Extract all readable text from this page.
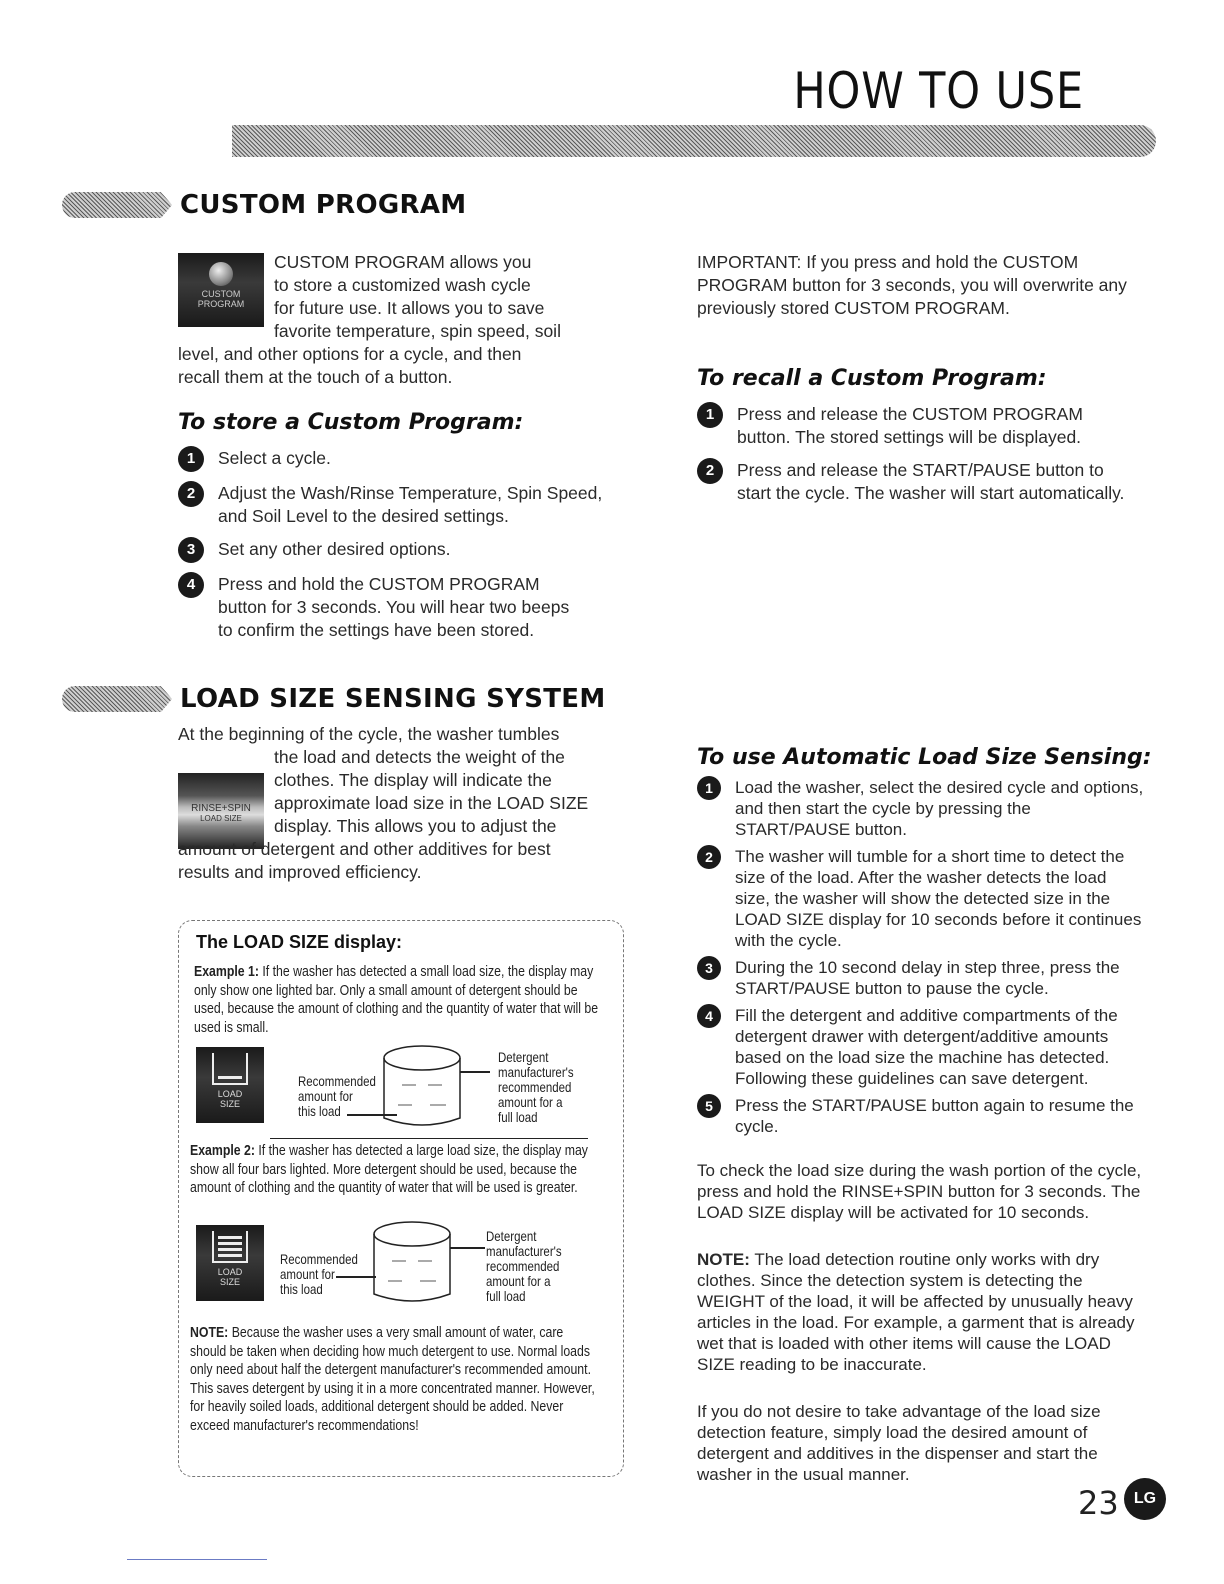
HOW TO USE
CUSTOM PROGRAM
CUSTOM PROGRAM
CUSTOM PROGRAM allows you
to store a customized wash cycle
for future use. It allows you to save
favorite temperature, spin speed, soil
level, and other options for a cycle, and then
recall them at the touch of a button.
To store a Custom Program:
1	Select a cycle.
2	Adjust the Wash/Rinse Temperature, Spin Speed, and Soil Level to the desired settings.
3	Set any other desired options.
4	Press and hold the CUSTOM PROGRAM button for 3 seconds. You will hear two beeps to confirm the settings have been stored.
IMPORTANT: If you press and hold the CUSTOM PROGRAM button for 3 seconds, you will overwrite any previously stored CUSTOM PROGRAM.
To recall a Custom Program:
1	Press and release the CUSTOM PROGRAM button. The stored settings will be displayed.
2	Press and release the START/PAUSE button to start the cycle. The washer will start automatically.
LOAD SIZE SENSING SYSTEM
At the beginning of the cycle, the washer tumbles
RINSE+SPIN
LOAD SIZE
the load and detects the weight of the
clothes. The display will indicate the
approximate load size in the LOAD SIZE
display. This allows you to adjust the
amount of detergent and other additives for best
results and improved efficiency.
The LOAD SIZE display:
Example 1: If the washer has detected a small load size, the display may only show one lighted bar. Only a small amount of detergent should be used, because the amount of clothing and the quantity of water that will be used is small.
LOAD SIZE
Recommended
amount for
this load
Detergent
manufacturer's
recommended
amount for a
full load
Example 2: If the washer has detected a large load size, the display may show all four bars lighted. More detergent should be used, because the amount of clothing and the quantity of water that will be used is greater.
LOAD SIZE
Recommended
amount for
this load
Detergent
manufacturer's
recommended
amount for a
full load
NOTE: Because the washer uses a very small amount of water, care should be taken when deciding how much detergent to use. Normal loads only need about half the detergent manufacturer's recommended amount. This saves detergent by using it in a more concentrated manner. However, for heavily soiled loads, additional detergent should be added. Never exceed manufacturer's recommendations!
To use Automatic Load Size Sensing:
1	Load the washer, select the desired cycle and options, and then start the cycle by pressing the START/PAUSE button.
2	The washer will tumble for a short time to detect the size of the load. After the washer detects the load size, the washer will show the detected size in the LOAD SIZE display for 10 seconds before it continues with the cycle.
3	During the 10 second delay in step three, press the START/PAUSE button to pause the cycle.
4	Fill the detergent and additive compartments of the detergent drawer with detergent/additive amounts based on the load size the machine has detected. Following these guidelines can save detergent.
5	Press the START/PAUSE button again to resume the cycle.
To check the load size during the wash portion of the cycle, press and hold the RINSE+SPIN button for 3 seconds. The LOAD SIZE display will be activated for 10 seconds.
NOTE: The load detection routine only works with dry clothes. Since the detection system is detecting the WEIGHT of the load, it will be affected by unusually heavy articles in the load. For example, a garment that is already wet that is loaded with other items will cause the LOAD SIZE reading to be inaccurate.
If you do not desire to take advantage of the load size detection feature, simply load the desired amount of detergent and additives in the dispenser and start the washer in the usual manner.
23 LG
